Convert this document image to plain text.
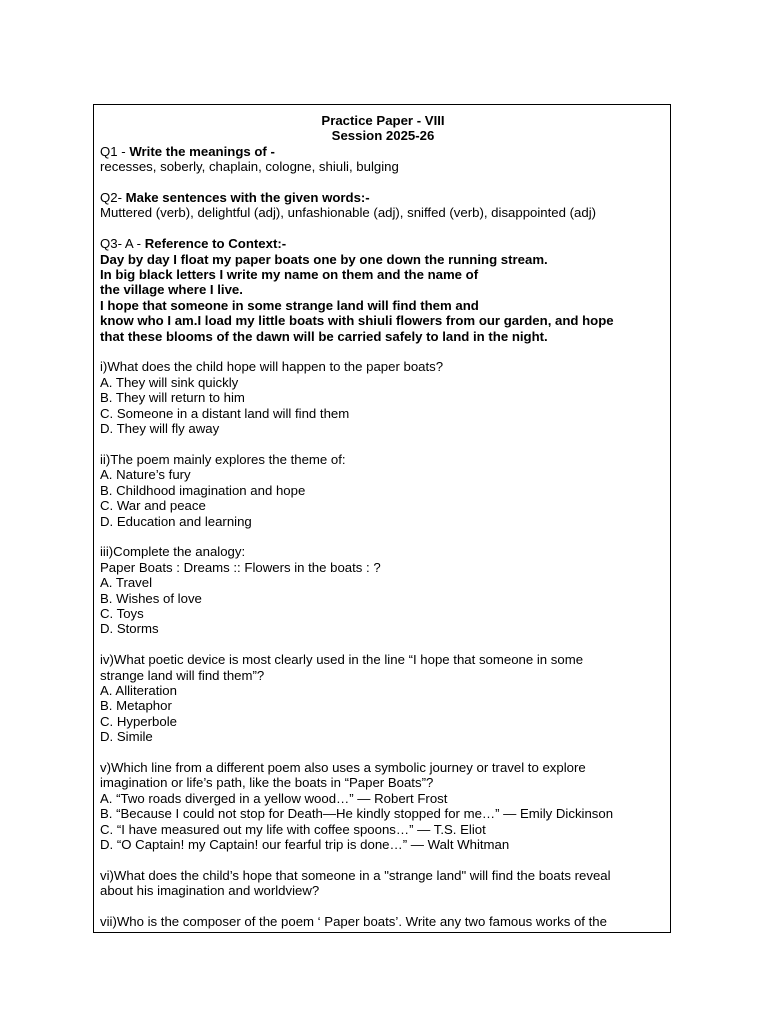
Practice Paper - VIII
Session 2025-26
Q1 - Write the meanings of -
recesses, soberly, chaplain, cologne, shiuli, bulging
Q2- Make sentences with the given words:-
Muttered (verb), delightful (adj), unfashionable (adj), sniffed (verb), disappointed (adj)
Q3- A - Reference to Context:-
Day by day I float my paper boats one by one down the running stream.
In big black letters I write my name on them and the name of
the village where I live.
I hope that someone in some strange land will find them and
know who I am.I load my little boats with shiuli flowers from our garden, and hope
that these blooms of the dawn will be carried safely to land in the night.
i)What does the child hope will happen to the paper boats?
A. They will sink quickly
B. They will return to him
C. Someone in a distant land will find them
D. They will fly away
ii)The poem mainly explores the theme of:
A. Nature’s fury
B. Childhood imagination and hope
C. War and peace
D. Education and learning
iii)Complete the analogy:
Paper Boats : Dreams :: Flowers in the boats : ?
A. Travel
B. Wishes of love
C. Toys
D. Storms
iv)What poetic device is most clearly used in the line “I hope that someone in some
strange land will find them”?
A. Alliteration
B. Metaphor
C. Hyperbole
D. Simile
v)Which line from a different poem also uses a symbolic journey or travel to explore
imagination or life’s path, like the boats in “Paper Boats”?
A. “Two roads diverged in a yellow wood…” — Robert Frost
B. “Because I could not stop for Death—He kindly stopped for me…” — Emily Dickinson
C. “I have measured out my life with coffee spoons…” — T.S. Eliot
D. “O Captain! my Captain! our fearful trip is done…” — Walt Whitman
vi)What does the child’s hope that someone in a "strange land" will find the boats reveal
about his imagination and worldview?
vii)Who is the composer of the poem ‘ Paper boats’. Write any two famous works of the
